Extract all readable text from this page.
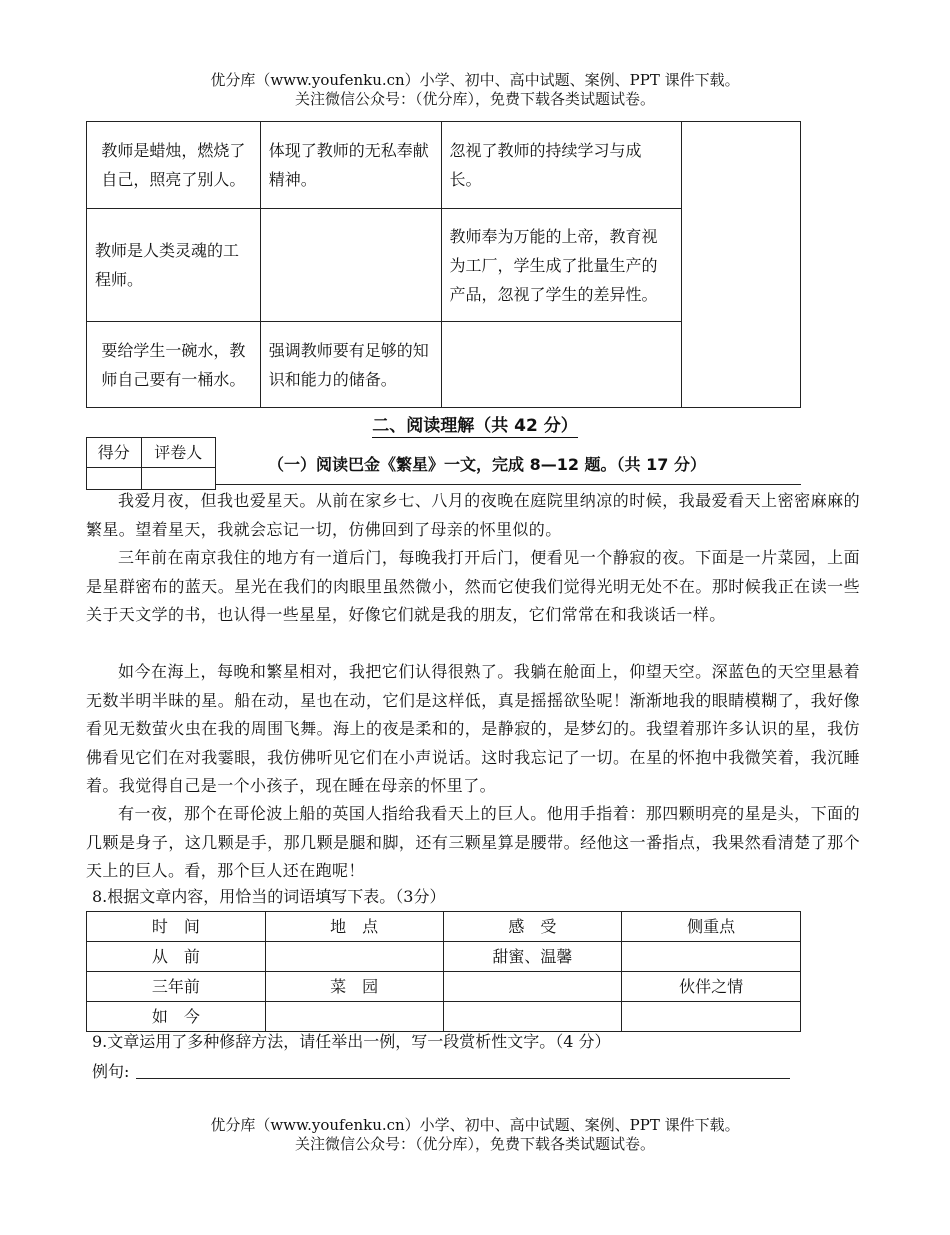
优分库（www.youfenku.cn）小学、初中、高中试题、案例、PPT 课件下载。
关注微信公众号：（优分库），免费下载各类试题试卷。
教师是蜡烛，燃烧了自己，照亮了别人。	体现了教师的无私奉献精神。	忽视了教师的持续学习与成长。	
教师是人类灵魂的工程师。		教师奉为万能的上帝，教育视为工厂，学生成了批量生产的产品，忽视了学生的差异性。	
要给学生一碗水，教师自己要有一桶水。	强调教师要有足够的知识和能力的储备。		
二、阅读理解（共 42 分）
得分	评卷人

（一）阅读巴金《繁星》一文，完成 8—12 题。（共 17 分）
我爱月夜，但我也爱星天。从前在家乡七、八月的夜晚在庭院里纳凉的时候，我最爱看天上密密麻麻的繁星。望着星天，我就会忘记一切，仿佛回到了母亲的怀里似的。
三年前在南京我住的地方有一道后门，每晚我打开后门，便看见一个静寂的夜。下面是一片菜园，上面是星群密布的蓝天。星光在我们的肉眼里虽然微小，然而它使我们觉得光明无处不在。那时候我正在读一些关于天文学的书，也认得一些星星，好像它们就是我的朋友，它们常常在和我谈话一样。
如今在海上，每晚和繁星相对，我把它们认得很熟了。我躺在舱面上，仰望天空。深蓝色的天空里悬着无数半明半昧的星。船在动，星也在动，它们是这样低，真是摇摇欲坠呢！渐渐地我的眼睛模糊了，我好像看见无数萤火虫在我的周围飞舞。海上的夜是柔和的，是静寂的，是梦幻的。我望着那许多认识的星，我仿佛看见它们在对我霎眼，我仿佛听见它们在小声说话。这时我忘记了一切。在星的怀抱中我微笑着，我沉睡着。我觉得自己是一个小孩子，现在睡在母亲的怀里了。
有一夜，那个在哥伦波上船的英国人指给我看天上的巨人。他用手指着：那四颗明亮的星是头，下面的几颗是身子，这几颗是手，那几颗是腿和脚，还有三颗星算是腰带。经他这一番指点，我果然看清楚了那个天上的巨人。看，那个巨人还在跑呢！
8.根据文章内容，用恰当的词语填写下表。（3分）
时　间	地　点	感　受	侧重点
从　前		甜蜜、温馨	
三年前	菜　园		伙伴之情
如　今			
9.文章运用了多种修辞方法，请任举出一例，写一段赏析性文字。（4 分）
例句:
优分库（www.youfenku.cn）小学、初中、高中试题、案例、PPT 课件下载。
关注微信公众号：（优分库），免费下载各类试题试卷。
